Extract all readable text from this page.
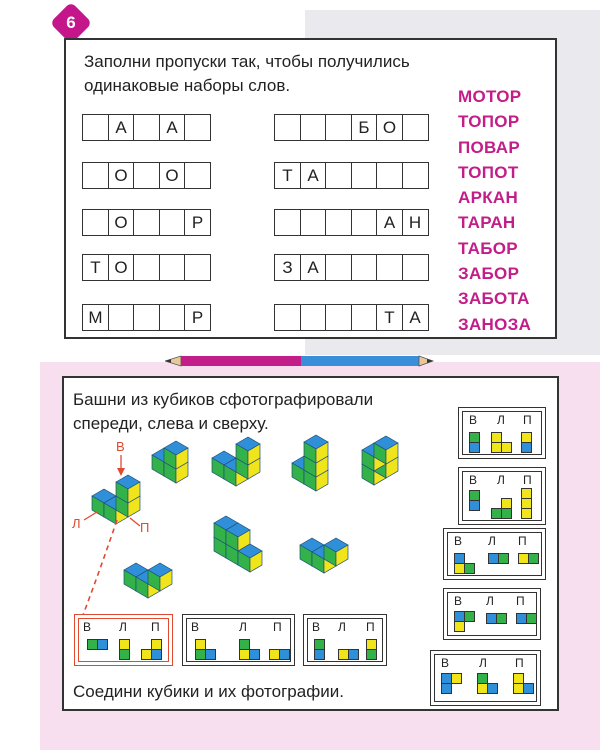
6
Заполни пропуски так, чтобы получились
одинаковые наборы слов.
А	А
О	О
О	Р
Т О
М	Р
Б О
Т А
А Н
З А
Т А
МОТОР
ТОПОР
ПОВАР
ТОПОТ
АРКАН
ТАРАН
ТАБОР
ЗАБОР
ЗАБОТА
ЗАНОЗА
Башни из кубиков сфотографировали
спереди, слева и сверху.
Соедини кубики и их фотографии.
В
Л	П
В Л П	В	Л П	В Л П
В Л П
В Л П
В Л П
В Л П
В Л П
